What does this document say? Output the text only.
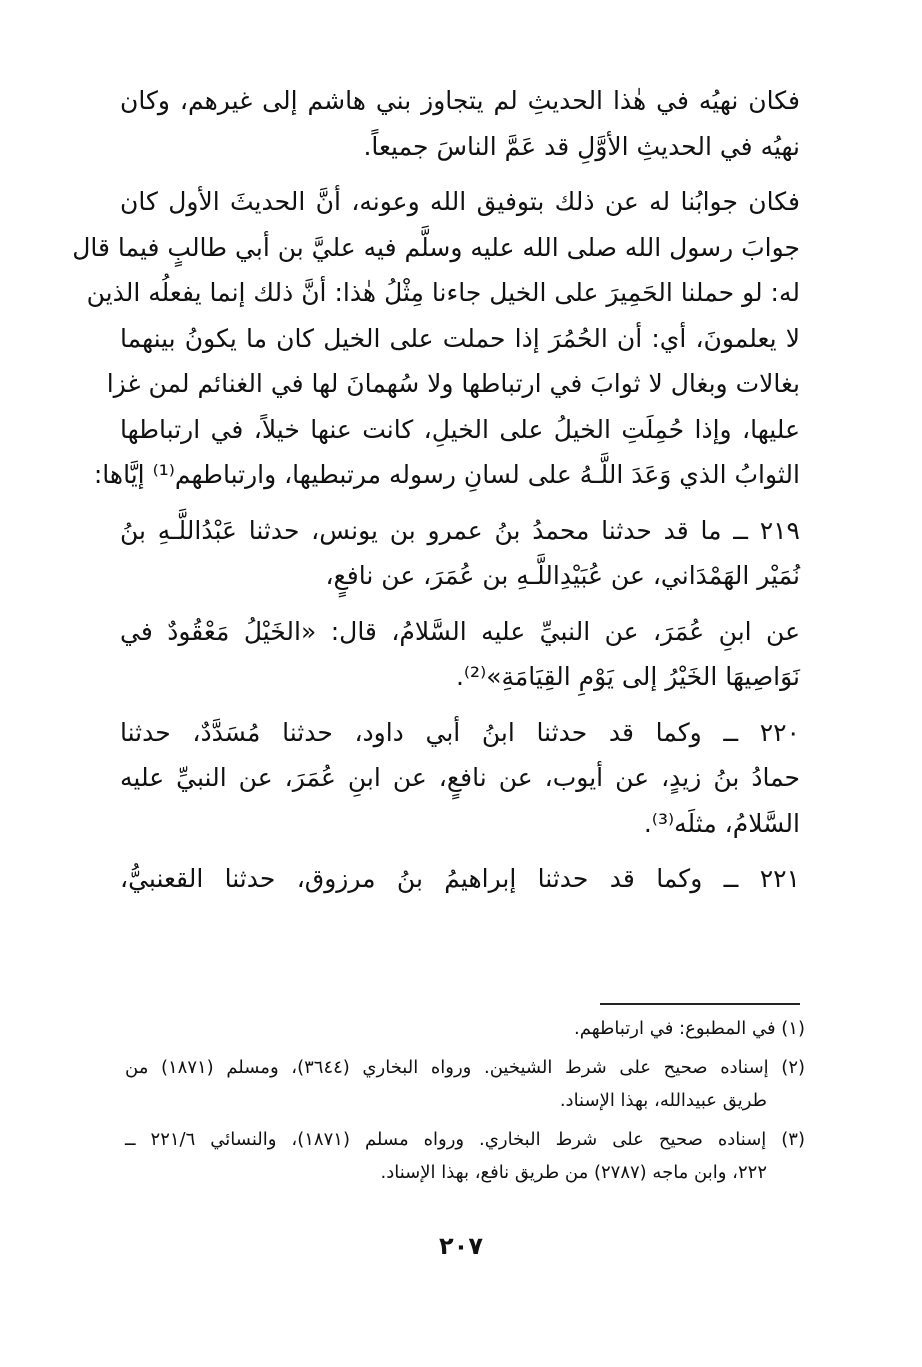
فكان نهيُه في هٰذا الحديثِ لم يتجاوز بني هاشم إلى غيرهم، وكان
نهيُه في الحديثِ الأوَّلِ قد عَمَّ الناسَ جميعاً.
فكان جوابُنا له عن ذلك بتوفيق الله وعونه، أنَّ الحديثَ الأول كان
جوابَ رسول الله صلى الله عليه وسلَّم فيه عليَّ بن أبي طالبٍ فيما قال
له: لو حملنا الحَمِيرَ على الخيل جاءنا مِثْلُ هٰذا: أنَّ ذلك إنما يفعلُه الذين
لا يعلمونَ، أي: أن الحُمُرَ إذا حملت على الخيل كان ما يكونُ بينهما
بغالات وبغال لا ثوابَ في ارتباطها ولا سُهمانَ لها في الغنائم لمن غزا
عليها، وإذا حُمِلَتِ الخيلُ على الخيلِ، كانت عنها خيلاً، في ارتباطها
الثوابُ الذي وَعَدَ اللَّـهُ على لسانِ رسوله مرتبطيها، وارتباطهم⁽¹⁾ إيَّاها:
٢١٩ ــ ما قد حدثنا محمدُ بنُ عمرو بن يونس، حدثنا عَبْدُاللَّـهِ بنُ
نُمَيْر الهَمْدَاني، عن عُبَيْدِاللَّـهِ بن عُمَرَ، عن نافعٍ،
عن ابنِ عُمَرَ، عن النبيِّ عليه السَّلامُ، قال: «الخَيْلُ مَعْقُودٌ في
نَوَاصِيهَا الخَيْرُ إلى يَوْمِ القِيَامَةِ»⁽²⁾.
٢٢٠ ــ وكما قد حدثنا ابنُ أبي داود، حدثنا مُسَدَّدٌ، حدثنا
حمادُ بنُ زيدٍ، عن أيوب، عن نافعٍ، عن ابنِ عُمَرَ، عن النبيِّ عليه
السَّلامُ، مثلَه⁽³⁾.
٢٢١ ــ وكما قد حدثنا إبراهيمُ بنُ مرزوق، حدثنا القعنبيُّ،
(١) في المطبوع: في ارتباطهم.
(٢) إسناده صحيح على شرط الشيخين. ورواه البخاري (٣٦٤٤)، ومسلم (١٨٧١) من
طريق عبيدالله، بهذا الإسناد.
(٣) إسناده صحيح على شرط البخاري. ورواه مسلم (١٨٧١)، والنسائي ٢٢١/٦ ــ
٢٢٢، وابن ماجه (٢٧٨٧) من طريق نافع، بهذا الإسناد.
٢٠٧
